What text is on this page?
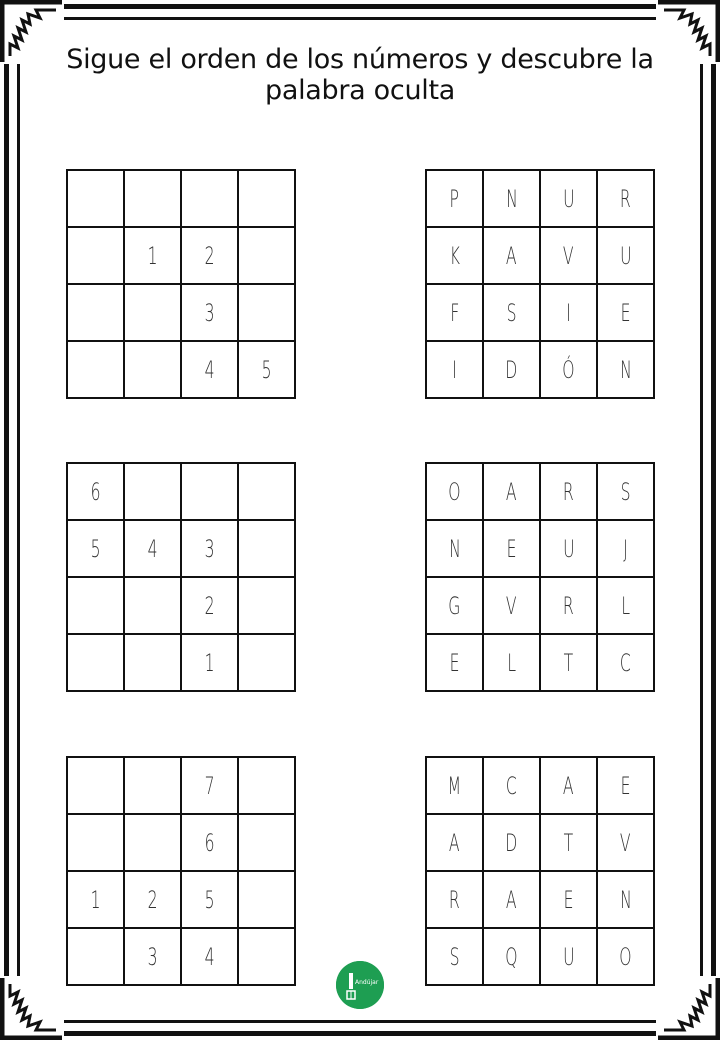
Sigue el orden de los números y descubre la
palabra oculta
1 2
3
4 5
P N U R
K A V U
F S I E
I D Ó N
6
5 4 3
2
1
O A R S
N E U J
G V R L
E L T C
7
6
1 2 5
3 4
M C A E
A D T V
R A E N
S Q U O
Andújar
